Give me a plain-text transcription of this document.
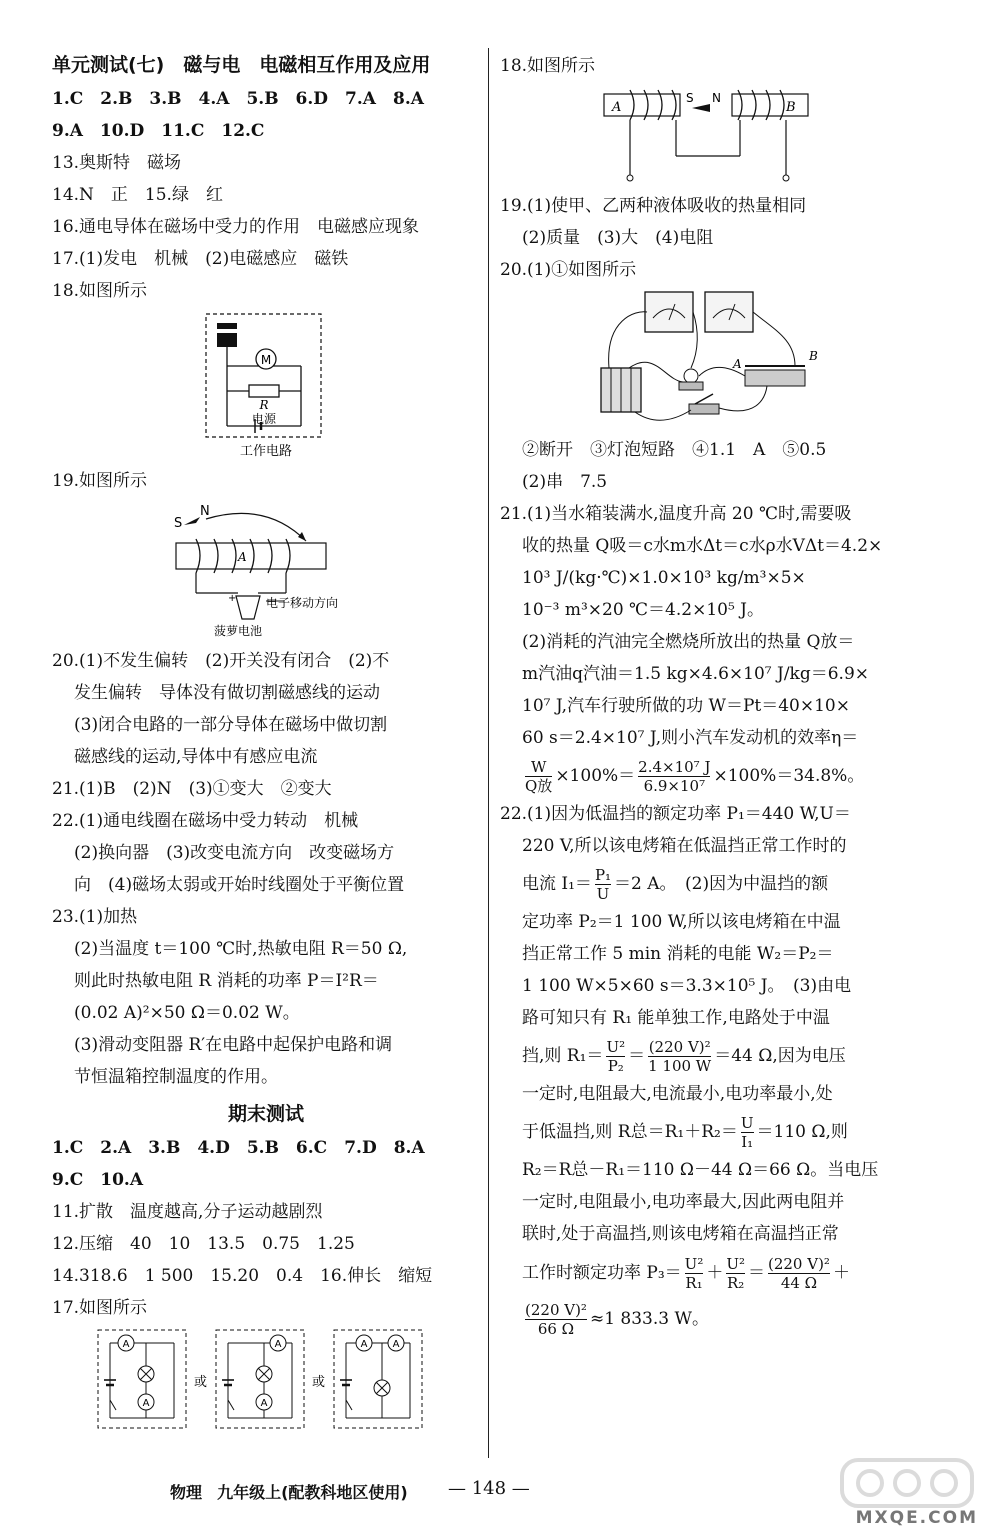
单元测试(七)　磁与电　电磁相互作用及应用
1.C　2.B　3.B　4.A　5.B　6.D　7.A　8.A
9.A　10.D　11.C　12.C
13.奥斯特　磁场
14.N　正　15.绿　红
16.通电导体在磁场中受力的作用　电磁感应现象
17.(1)发电　机械　(2)电磁感应　磁铁
18.如图所示
M
R
电源
工作电路
19.如图所示
S
N
A
+ 电子移动方向
菠萝电池
20.(1)不发生偏转　(2)开关没有闭合　(2)不
发生偏转　导体没有做切割磁感线的运动
(3)闭合电路的一部分导体在磁场中做切割
磁感线的运动,导体中有感应电流
21.(1)B　(2)N　(3)①变大　②变大
22.(1)通电线圈在磁场中受力转动　机械
(2)换向器　(3)改变电流方向　改变磁场方
向　(4)磁场太弱或开始时线圈处于平衡位置
23.(1)加热
(2)当温度 t＝100 ℃时,热敏电阻 R＝50 Ω,
则此时热敏电阻 R 消耗的功率 P＝I²R＝
(0.02 A)²×50 Ω＝0.02 W。
(3)滑动变阻器 R′在电路中起保护电路和调
节恒温箱控制温度的作用。
期末测试
1.C　2.A　3.B　4.D　5.B　6.C　7.D　8.A
9.C　10.A
11.扩散　温度越高,分子运动越剧烈
12.压缩　40　10　13.5　0.75　1.25
14.318.6　1 500　15.20　0.4　16.伸长　缩短
17.如图所示
A
A
或
A
A
或
A	A
18.如图所示
A
S N
B
19.(1)使甲、乙两种液体吸收的热量相同
(2)质量　(3)大　(4)电阻
20.(1)①如图所示
A
B
②断开　③灯泡短路　④1.1　A　⑤0.5
(2)串　7.5
21.(1)当水箱装满水,温度升高 20 ℃时,需要吸
收的热量 Q吸＝c水m水Δt＝c水ρ水VΔt＝4.2×
10³ J/(kg·℃)×1.0×10³ kg/m³×5×
10⁻³ m³×20 ℃＝4.2×10⁵ J。
(2)消耗的汽油完全燃烧所放出的热量 Q放＝
m汽油q汽油＝1.5 kg×4.6×10⁷ J/kg＝6.9×
10⁷ J,汽车行驶所做的功 W＝Pt＝40×10×
60 s＝2.4×10⁷ J,则小汽车发动机的效率η＝
$\frac{W}{\text{Q放}} \times 100\%= \frac{\text{2.4×10⁷ J}}{\text{6.9×10⁷}} \times 100\%=34.8\%$。
22.(1)因为低温挡的额定功率 P₁＝440 W,U＝
220 V,所以该电烤箱在低温挡正常工作时的
电流 $I_1= \frac{\text{P₁}}{U} =2$ A。　(2)因为中温挡的额
定功率 P₂＝1 100 W,所以该电烤箱在中温
挡正常工作 5 min 消耗的电能 W₂＝P₂＝
1 100 W×5×60 s＝3.3×10⁵ J。　(3)由电
路可知只有 R₁ 能单独工作,电路处于中温
挡,则 $R_1= \frac{\text{U²}}{\text{P₂}} = \frac{\text{(220 V)²}}{1 100 W} =44$ Ω,因为电压
一定时,电阻最大,电流最小,电功率最小,处
于低温挡,则 R总$=R_1+R_2= \frac{U}{\text{I₁}} =110$ Ω,则
R₂＝R总－R₁＝110 Ω－44 Ω＝66 Ω。当电压
一定时,电阻最小,电功率最大,因此两电阻并
联时,处于高温挡,则该电烤箱在高温挡正常
工作时额定功率 $P_3= \frac{\text{U²}}{\text{R₁}} + \frac{\text{U²}}{\text{R₂}} = \frac{\text{(220 V)²}}{44 \Omega}$ ＋
$\frac{\text{(220 V)²}}{66 \Omega} \approx 1$ 833.3 W。
物理 九年级上(配教科地区使用)	— 148 —
MXQE.COM
